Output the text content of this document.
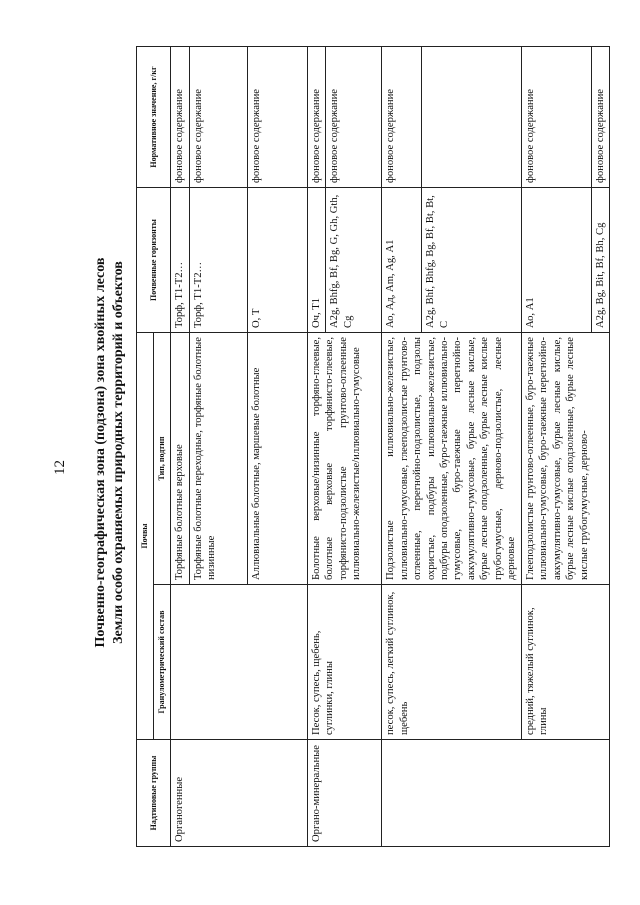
12 Почвенно-географическая зона (подзона) зона хвойных лесов Земли особо охраняемых природных территорий и объектов
Надтиповые группы	Почвы		Почвенные горизонты	Нормативное значение, г/кг
	Гранулометрический состав	Тип, подтип		
Органогенные		Торфяные болотные верховые	Торф, Т1-Т2…	фоновое содержание
		Торфяные болотные переходные, торфяные болотные низинные	Торф, Т1-Т2…	фоновое содержание
		Аллювиальные болотные, маршевые болотные	О, Т	фоновое содержание
Органо-минеральные	Песок, супесь, щебень, суглинки, глины	Болотные верховые/низинные торфяно-глеевые, болотные верховые торфянисто-глеевые, торфянисто-подзолистые грунтово-оглеенные иллювиально-железистые/иллювиально-гумусовые	Оч, Т1	фоновое содержание
			А2g, Bhfg, Bf, Bg, G, Gh, Gth, Cg	фоновое содержание
	песок, супесь, легкий суглинок, щебень	Подзолистые иллювиально-железистые, иллювиально-гумусовые, глееподзолистые грунтово-оглеенные, перегнойно-подзолистые, подзолы охристые, подбуры иллювиально-железистые, подбуры оподзоленные, буро-таежные иллювиально-гумусовые, буро-таежные перегнойно-аккумулятивно-гумусовые, бурые лесные кислые, бурые лесные оподзоленные, бурые лесные кислые грубогумусные, дерново-подзолистые, лесные дерновые	Ао, Ад, Аm, Аg, А1	фоновое содержание
			А2g, Bhf, Bhfg, Bg, Bf, Bt, Bt, C	
	средний, тяжелый суглинок, глины	Глееподзолистые грунтово-оглеенные, буро-таежные иллювиально-гумусовые, буро-таежные перегнойно-аккумулятивно-гумусовые, бурые лесные кислые, бурые лесные кислые оподзоленные, бурые лесные кислые грубогумусные, дерново-	Ао, А1	фоновое содержание
			А2g, Bg, Bit, Bf, Bh, Cg	фоновое содержание
